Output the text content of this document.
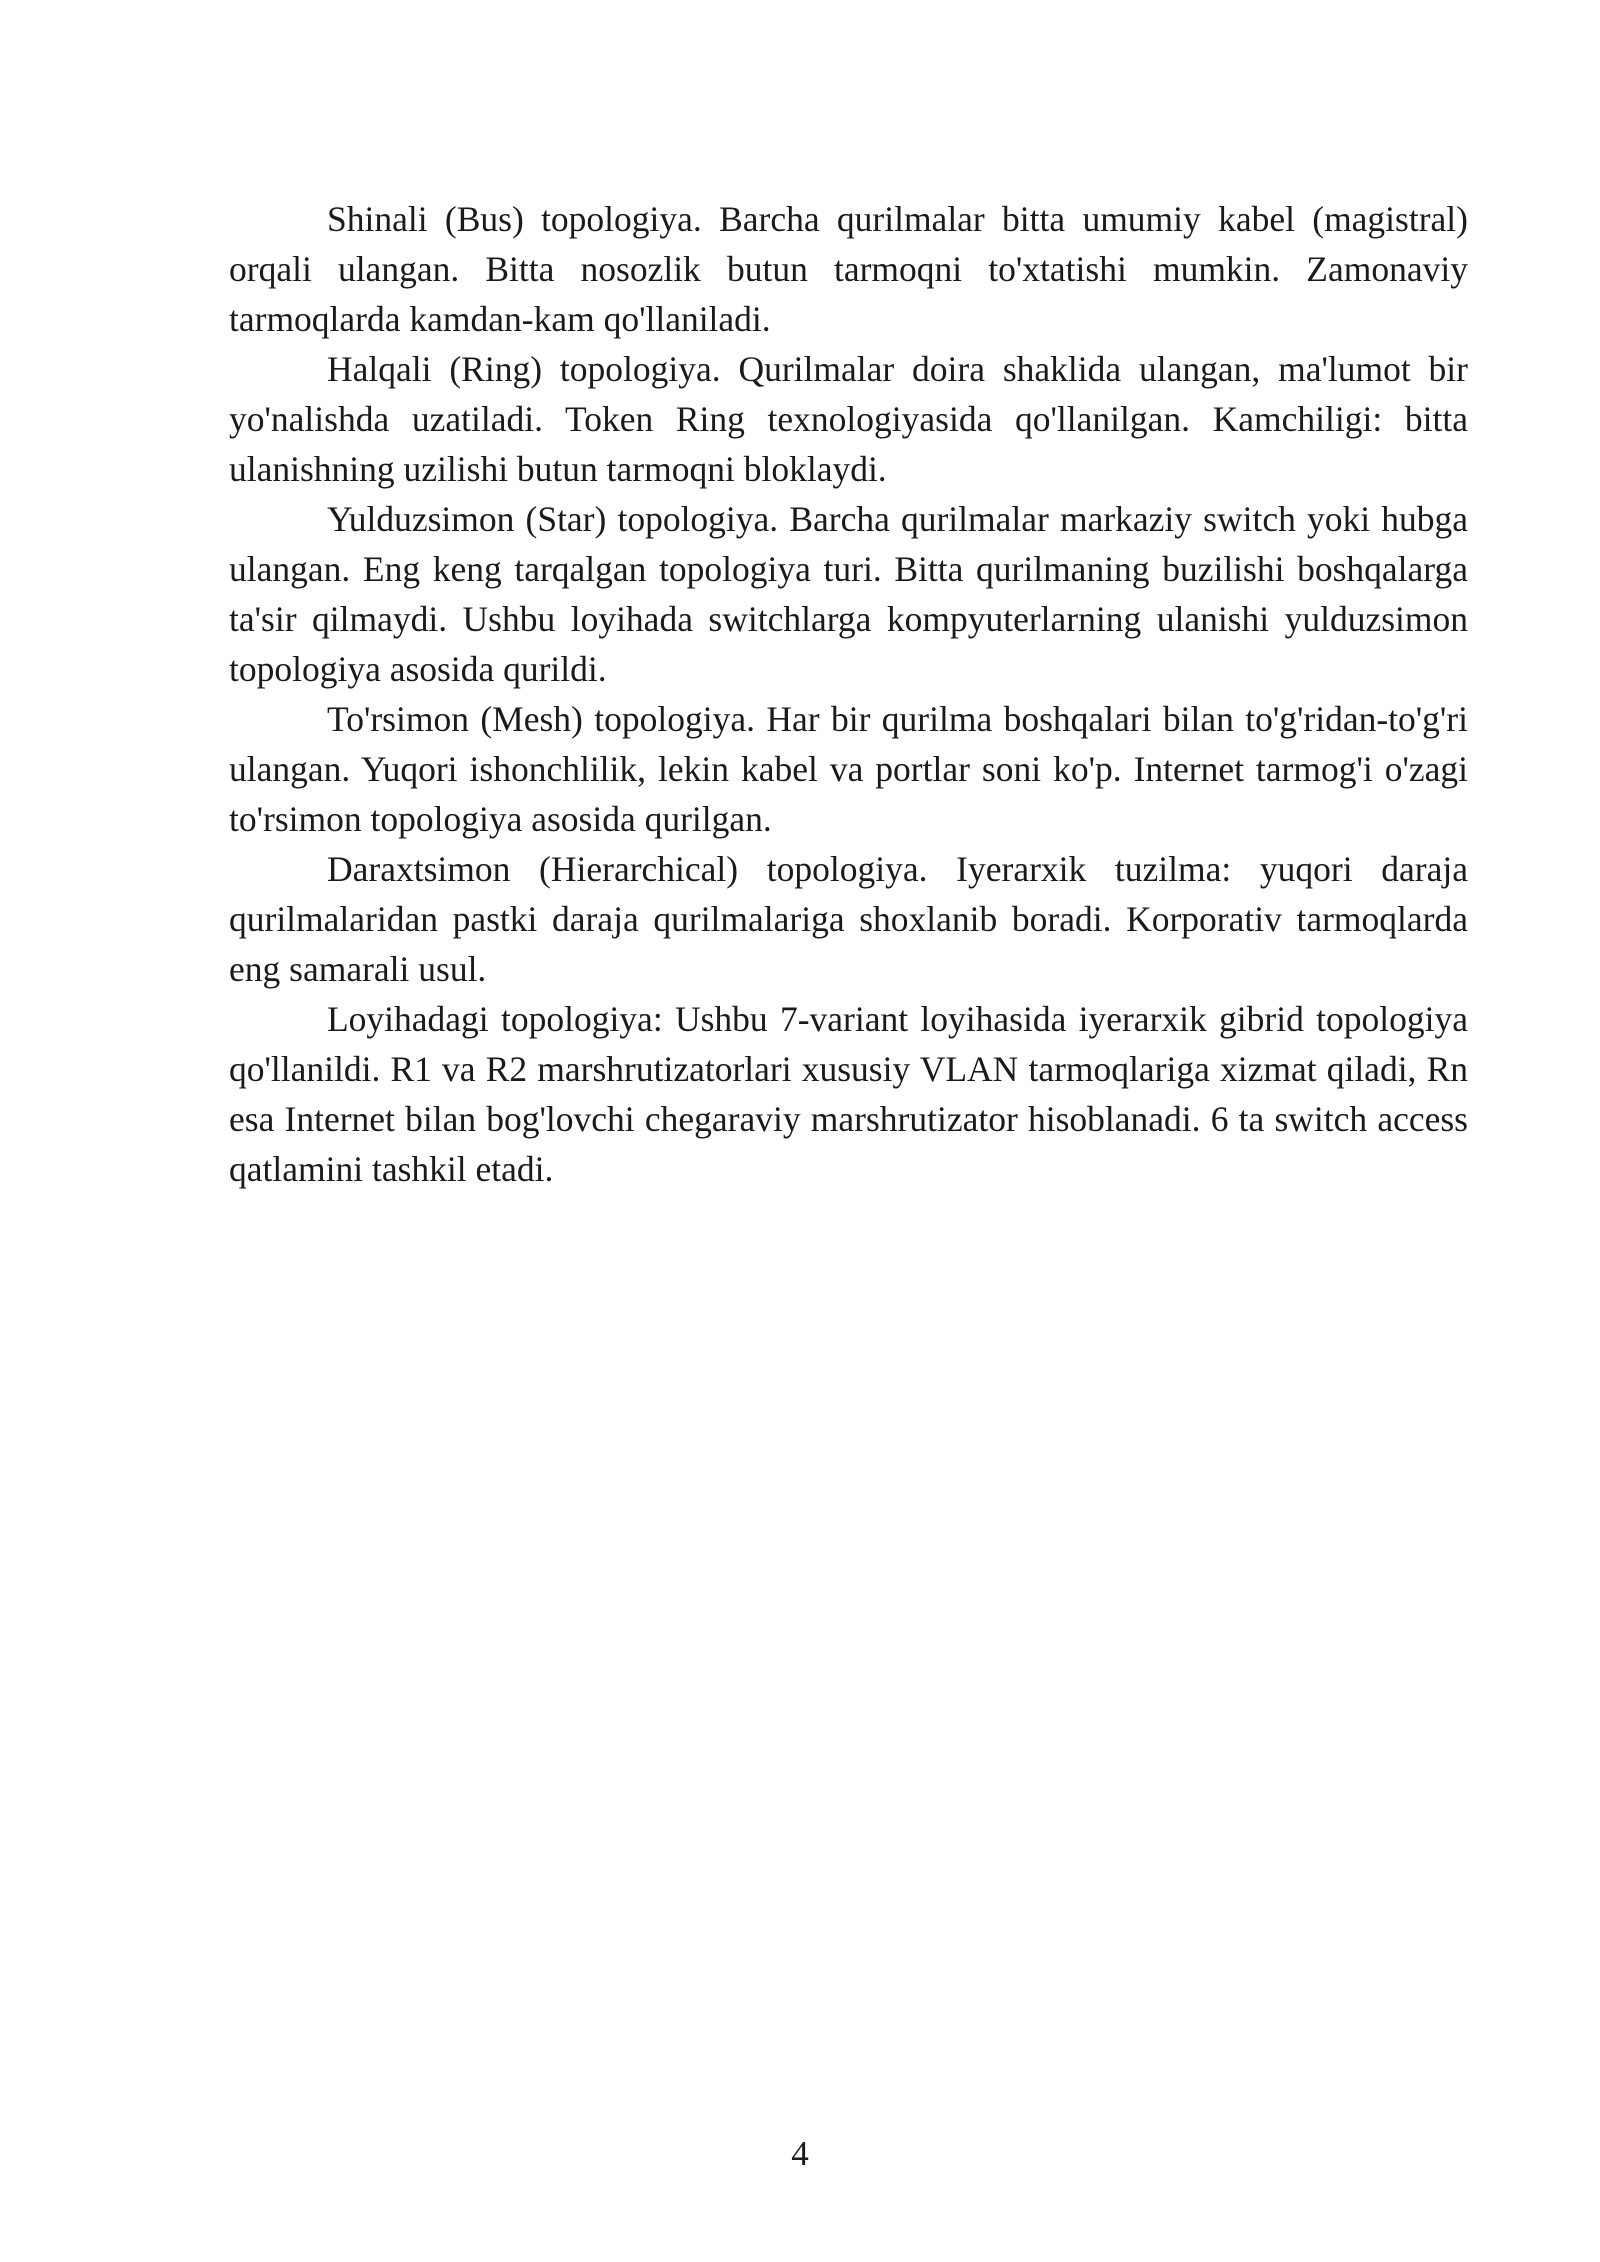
Shinali (Bus) topologiya. Barcha qurilmalar bitta umumiy kabel (magistral) orqali ulangan. Bitta nosozlik butun tarmoqni to'xtatishi mumkin. Zamonaviy tarmoqlarda kamdan-kam qo'llaniladi.

Halqali (Ring) topologiya. Qurilmalar doira shaklida ulangan, ma'lumot bir yo'nalishda uzatiladi. Token Ring texnologiyasida qo'llanilgan. Kamchiligi: bitta ulanishning uzilishi butun tarmoqni bloklaydi.

Yulduzsimon (Star) topologiya. Barcha qurilmalar markaziy switch yoki hubga ulangan. Eng keng tarqalgan topologiya turi. Bitta qurilmaning buzilishi boshqalarga ta'sir qilmaydi. Ushbu loyihada switchlarga kompyuterlarning ulanishi yulduzsimon topologiya asosida qurildi.

To'rsimon (Mesh) topologiya. Har bir qurilma boshqalari bilan to'g'ridan-to'g'ri ulangan. Yuqori ishonchlilik, lekin kabel va portlar soni ko'p. Internet tarmog'i o'zagi to'rsimon topologiya asosida qurilgan.

Daraxtsimon (Hierarchical) topologiya. Iyerarxik tuzilma: yuqori daraja qurilmalaridan pastki daraja qurilmalariga shoxlanib boradi. Korporativ tarmoqlarda eng samarali usul.

Loyihadagi topologiya: Ushbu 7-variant loyihasida iyerarxik gibrid topologiya qo'llanildi. R1 va R2 marshrutizatorlari xususiy VLAN tarmoqlariga xizmat qiladi, Rn esa Internet bilan bog'lovchi chegaraviy marshrutizator hisoblanadi. 6 ta switch access qatlamini tashkil etadi.

4
